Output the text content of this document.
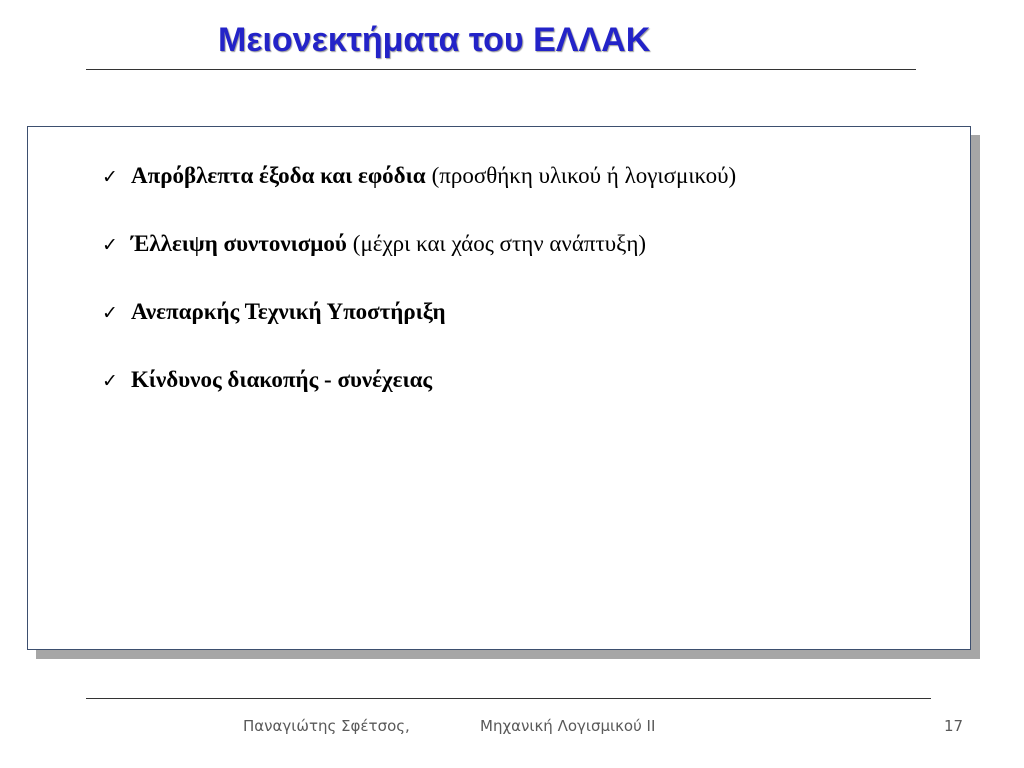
Μειονεκτήματα του ΕΛΛΑΚ
✓ Απρόβλεπτα έξοδα και εφόδια (προσθήκη υλικού ή λογισμικού)
✓ Έλλειψη συντονισμού (μέχρι και χάος στην ανάπτυξη)
✓ Ανεπαρκής Τεχνική Υποστήριξη
✓ Κίνδυνος διακοπής - συνέχειας
Παναγιώτης Σφέτσος,	Μηχανική Λογισμικού ΙΙ	17
